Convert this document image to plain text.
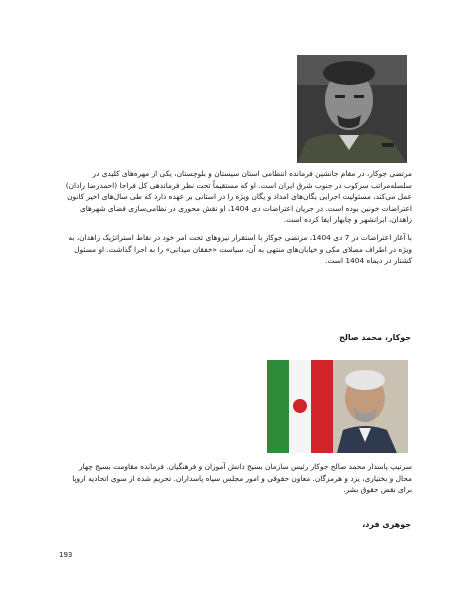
مرتضی جوکار، در مقام جانشین فرمانده انتظامی استان سیستان و بلوچستان، یکی از مهره‌های کلیدی در سلسله‌مراتب سرکوب در جنوب شرق ایران است. او که مستقیماً تحت نظر فرماندهی کل فراجا (احمدرضا رادان) عمل می‌کند، مسئولیت اجرایی یگان‌های امداد و یگان ویژه را در استانی بر عهده دارد که طی سال‌های اخیر کانون اعتراضات خونین بوده است. در جریان اعتراضات دی 1404، او نقش محوری در نظامی‌سازی فضای شهرهای زاهدان، ایرانشهر و چابهار ایفا کرده است.

با آغاز اعتراضات در 7 دی 1404، مرتضی جوکار با استقرار نیروهای تحت امر خود در نقاط استراتژیک زاهدان، به ویژه در اطراف مصلای مکی و خیابان‌های منتهی به آن، سیاست «خفقان میدانی» را به اجرا گذاشت. او مسئول کشتار در دیماه 1404 است.

جوکار، محمد صالح

سرتیپ پاسدار محمد صالح جوکار رئیس سازمان بسیج دانش آموزان و فرهنگیان. فرمانده مقاومت بسیج چهار محال و بختیاری، یزد و هرمزگان. معاون حقوقی و امور مجلس سپاه پاسداران. تحریم شده از سوی اتحادیه اروپا برای نقض حقوق بشر.

جوهری فرد،

193
